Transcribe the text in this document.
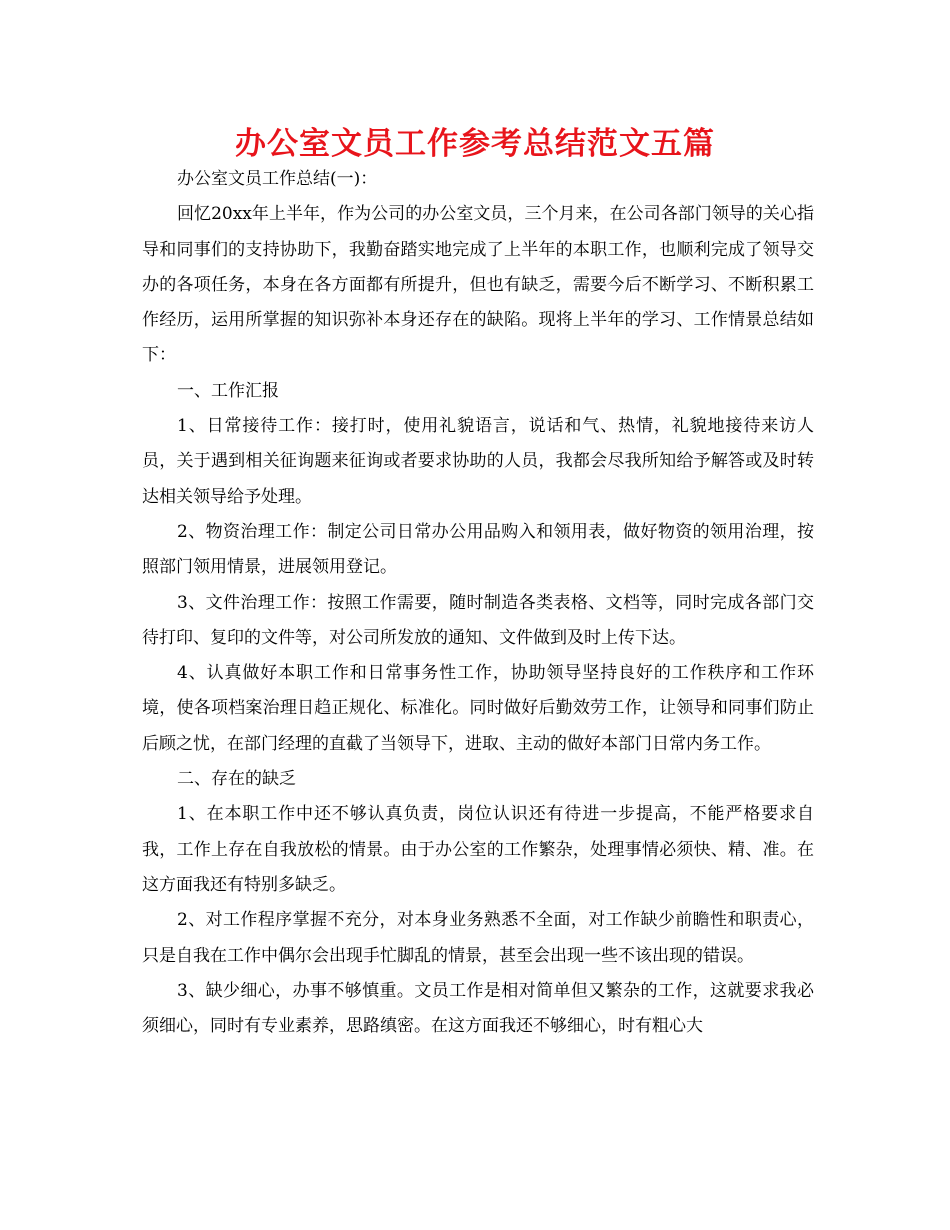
办公室文员工作参考总结范文五篇

办公室文员工作总结(一)：

回忆20xx年上半年，作为公司的办公室文员，三个月来，在公司各部门领导的关心指导和同事们的支持协助下，我勤奋踏实地完成了上半年的本职工作，也顺利完成了领导交办的各项任务，本身在各方面都有所提升，但也有缺乏，需要今后不断学习、不断积累工作经历，运用所掌握的知识弥补本身还存在的缺陷。现将上半年的学习、工作情景总结如下：

一、工作汇报

1、日常接待工作：接打时，使用礼貌语言，说话和气、热情，礼貌地接待来访人员，关于遇到相关征询题来征询或者要求协助的人员，我都会尽我所知给予解答或及时转达相关领导给予处理。

2、物资治理工作：制定公司日常办公用品购入和领用表，做好物资的领用治理，按照部门领用情景，进展领用登记。

3、文件治理工作：按照工作需要，随时制造各类表格、文档等，同时完成各部门交待打印、复印的文件等，对公司所发放的通知、文件做到及时上传下达。

4、认真做好本职工作和日常事务性工作，协助领导坚持良好的工作秩序和工作环境，使各项档案治理日趋正规化、标准化。同时做好后勤效劳工作，让领导和同事们防止后顾之忧，在部门经理的直截了当领导下，进取、主动的做好本部门日常内务工作。

二、存在的缺乏

1、在本职工作中还不够认真负责，岗位认识还有待进一步提高，不能严格要求自我，工作上存在自我放松的情景。由于办公室的工作繁杂，处理事情必须快、精、准。在这方面我还有特别多缺乏。

2、对工作程序掌握不充分，对本身业务熟悉不全面，对工作缺少前瞻性和职责心，只是自我在工作中偶尔会出现手忙脚乱的情景，甚至会出现一些不该出现的错误。

3、缺少细心，办事不够慎重。文员工作是相对简单但又繁杂的工作，这就要求我必须细心，同时有专业素养，思路缜密。在这方面我还不够细心，时有粗心大
